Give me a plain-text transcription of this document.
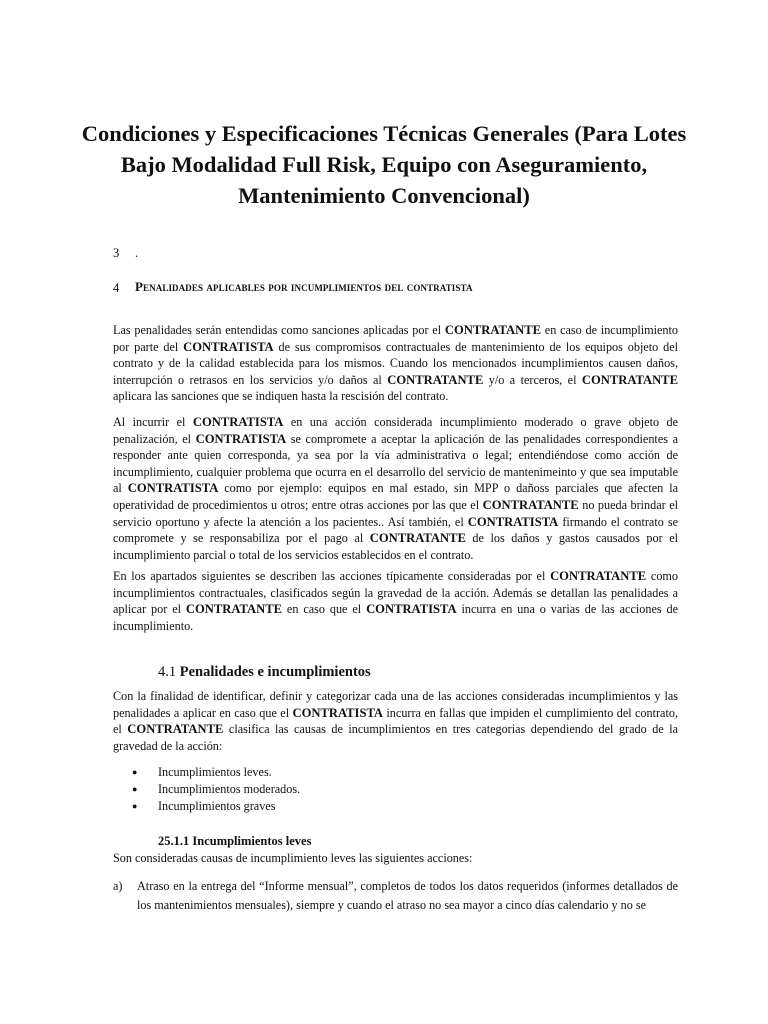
Condiciones y Especificaciones Técnicas Generales (Para Lotes Bajo Modalidad Full Risk, Equipo con Aseguramiento, Mantenimiento Convencional)

3 .

4 Penalidades aplicables por incumplimientos del contratista

Las penalidades serán entendidas como sanciones aplicadas por el CONTRATANTE en caso de incumplimiento por parte del CONTRATISTA de sus compromisos contractuales de mantenimiento de los equipos objeto del contrato y de la calidad establecida para los mismos. Cuando los mencionados incumplimientos causen daños, interrupción o retrasos en los servicios y/o daños al CONTRATANTE y/o a terceros, el CONTRATANTE aplicara las sanciones que se indiquen hasta la rescisión del contrato.

Al incurrir el CONTRATISTA en una acción considerada incumplimiento moderado o grave objeto de penalización, el CONTRATISTA se compromete a aceptar la aplicación de las penalidades correspondientes a responder ante quien corresponda, ya sea por la vía administrativa o legal; entendiéndose como acción de incumplimiento, cualquier problema que ocurra en el desarrollo del servicio de mantenimeinto y que sea imputable al CONTRATISTA como por ejemplo: equipos en mal estado, sin MPP o dañoss parciales que afecten la operatividad de procedimientos u otros; entre otras acciones por las que el CONTRATANTE no pueda brindar el servicio oportuno y afecte la atención a los pacientes.. Así también, el CONTRATISTA firmando el contrato se compromete y se responsabiliza por el pago al CONTRATANTE de los daños y gastos causados por el incumplimiento parcial o total de los servicios establecidos en el contrato.

En los apartados siguientes se describen las acciones típicamente consideradas por el CONTRATANTE como incumplimientos contractuales, clasificados según la gravedad de la acción. Además se detallan las penalidades a aplicar por el CONTRATANTE en caso que el CONTRATISTA incurra en una o varias de las acciones de incumplimiento.

4.1 Penalidades e incumplimientos

Con la finalidad de identificar, definir y categorizar cada una de las acciones consideradas incumplimientos y las penalidades a aplicar en caso que el CONTRATISTA incurra en fallas que impiden el cumplimiento del contrato, el CONTRATANTE clasifica las causas de incumplimientos en tres categorias dependiendo del grado de la gravedad de la acción:

● Incumplimientos leves.
● Incumplimientos moderados.
● Incumplimientos graves
25.1.1 Incumplimientos leves

Son consideradas causas de incumplimiento leves las siguientes acciones:

a) Atraso en la entrega del “Informe mensual”, completos de todos los datos requeridos (informes detallados de los mantenimientos mensuales), siempre y cuando el atraso no sea mayor a cinco días calendario y no se
